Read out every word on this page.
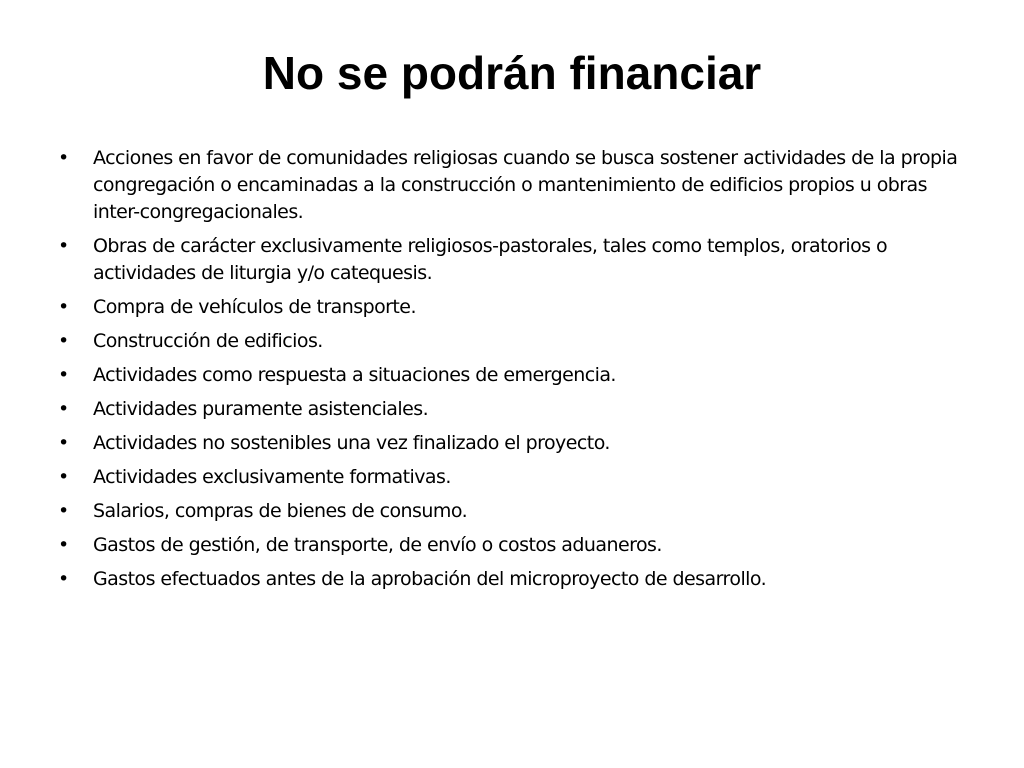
No se podrán financiar
•	Acciones en favor de comunidades religiosas cuando se busca sostener actividades de la propia congregación o encaminadas a la construcción o mantenimiento de edificios propios u obras inter-congregacionales.
•	Obras de carácter exclusivamente religiosos-pastorales, tales como templos, oratorios o actividades de liturgia y/o catequesis.
•	Compra de vehículos de transporte.
•	Construcción de edificios.
•	Actividades como respuesta a situaciones de emergencia.
•	Actividades puramente asistenciales.
•	Actividades no sostenibles una vez finalizado el proyecto.
•	Actividades exclusivamente formativas.
•	Salarios, compras de bienes de consumo.
•	Gastos de gestión, de transporte, de envío o costos aduaneros.
•	Gastos efectuados antes de la aprobación del microproyecto de desarrollo.
